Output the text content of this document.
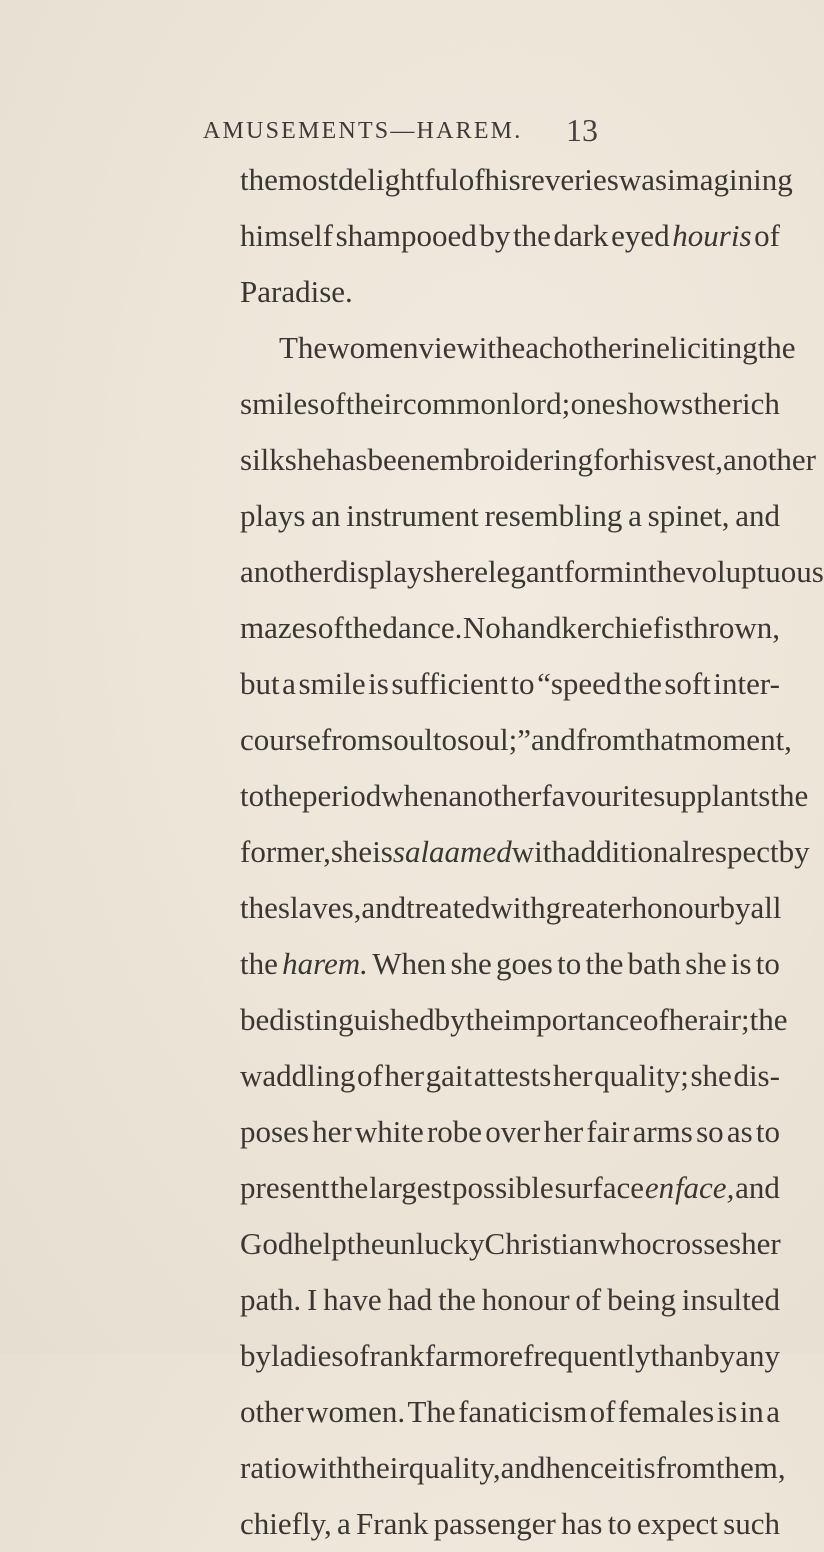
AMUSEMENTS—HAREM. 13
the most delightful of his reveries was imagining
himself shampooed by the dark eyed houris of
Paradise.
The women vie with each other in eliciting the
smiles of their common lord; one shows the rich
silk she has been embroidering for his vest, another
plays an instrument resembling a spinet, and
another displays her elegant form in the voluptuous
mazes of the dance. No handkerchief is thrown,
but a smile is sufficient to “speed the soft inter-
course from soul to soul;” and from that moment,
to the period when another favourite supplants the
former, she is salaamed with additional respect by
the slaves, and treated with greater honour by all
the harem. When she goes to the bath she is to
be distinguished by the importance of her air; the
waddling of her gait attests her quality; she dis-
poses her white robe over her fair arms so as to
present the largest possible surface en face, and
God help the unlucky Christian who crosses her
path. I have had the honour of being insulted
by ladies of rank far more frequently than by any
other women. The fanaticism of females is in a
ratio with their quality, and hence it is from them,
chiefly, a Frank passenger has to expect such
